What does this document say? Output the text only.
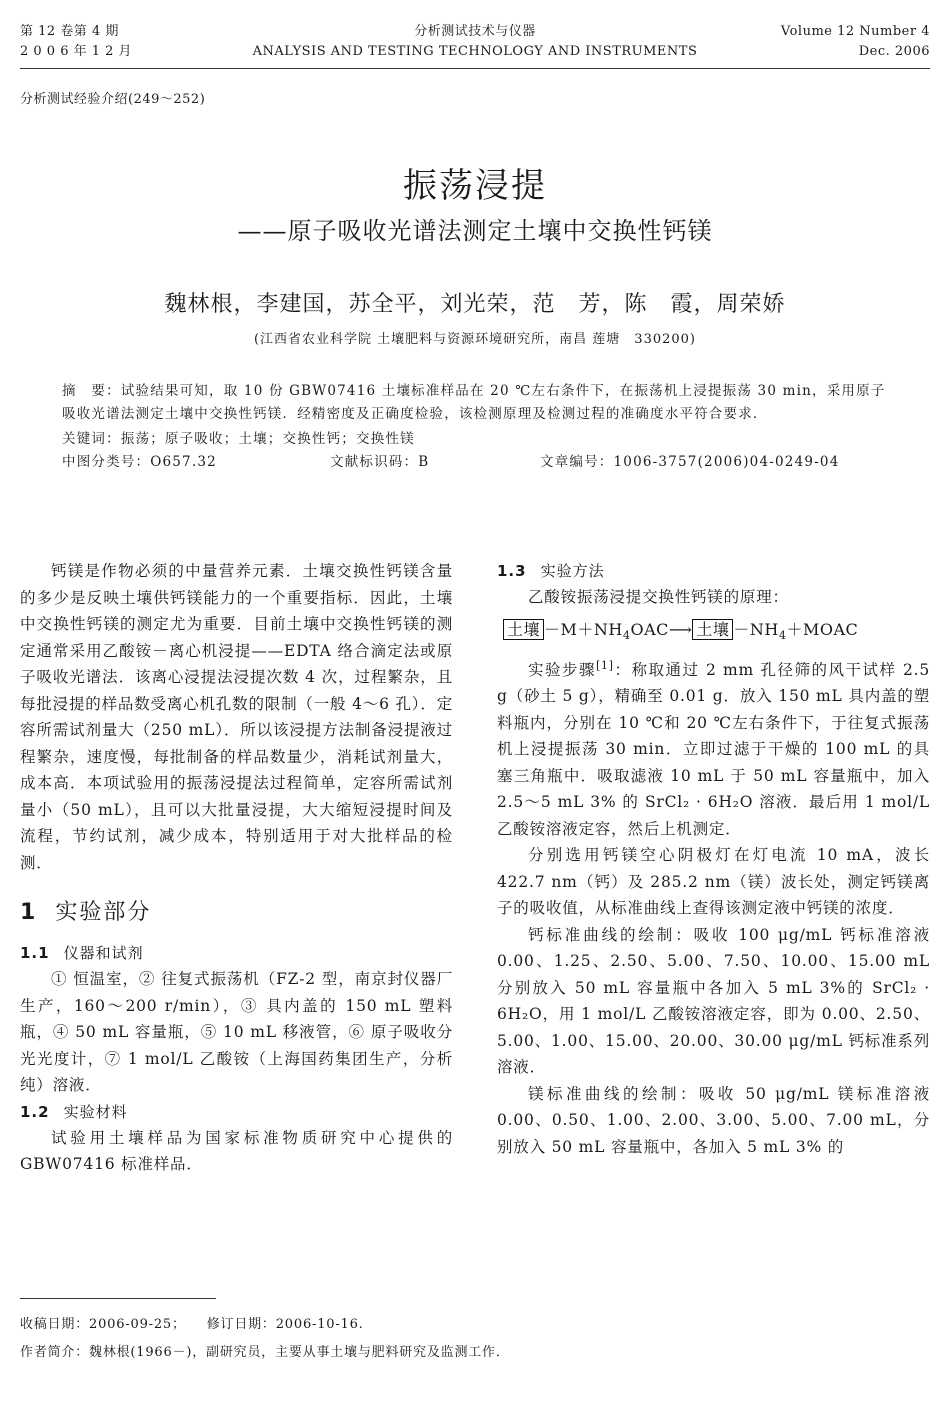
第 12 卷第 4 期
2 0 0 6 年 1 2 月
分析测试技术与仪器
ANALYSIS AND TESTING TECHNOLOGY AND INSTRUMENTS
Volume 12 Number 4
Dec. 2006
分析测试经验介绍(249～252)
振荡浸提
——原子吸收光谱法测定土壤中交换性钙镁
魏林根，李建国，苏全平，刘光荣，范　芳，陈　霞，周荣娇
(江西省农业科学院 土壤肥料与资源环境研究所，南昌 莲塘　330200)
摘　要：试验结果可知，取 10 份 GBW07416 土壤标准样品在 20 ℃左右条件下，在振荡机上浸提振荡 30 min，采用原子吸收光谱法测定土壤中交换性钙镁．经精密度及正确度检验，该检测原理及检测过程的准确度水平符合要求．
关键词：振荡；原子吸收；土壤；交换性钙；交换性镁
中图分类号：O657.32	文献标识码：B	文章编号：1006-3757(2006)04-0249-04

钙镁是作物必须的中量营养元素．土壤交换性钙镁含量的多少是反映土壤供钙镁能力的一个重要指标．因此，土壤中交换性钙镁的测定尤为重要．目前土壤中交换性钙镁的测定通常采用乙酸铵－离心机浸提——EDTA 络合滴定法或原子吸收光谱法．该离心浸提法浸提次数 4 次，过程繁杂，且每批浸提的样品数受离心机孔数的限制（一般 4～6 孔）．定容所需试剂量大（250 mL）．所以该浸提方法制备浸提液过程繁杂，速度慢，每批制备的样品数量少，消耗试剂量大，成本高．本项试验用的振荡浸提法过程简单，定容所需试剂量小（50 mL），且可以大批量浸提，大大缩短浸提时间及流程，节约试剂，减少成本，特别适用于对大批样品的检测．

1 实验部分
1.1 仪器和试剂

① 恒温室，② 往复式振荡机（FZ-2 型，南京封仪器厂生产，160～200 r/min），③ 具内盖的 150 mL 塑料瓶，④ 50 mL 容量瓶，⑤ 10 mL 移液管，⑥ 原子吸收分光光度计，⑦ 1 mol/L 乙酸铵（上海国药集团生产，分析纯）溶液．

1.2 实验材料

试验用土壤样品为国家标准物质研究中心提供的 GBW07416 标准样品．

1.3 实验方法

乙酸铵振荡浸提交换性钙镁的原理：

土壤 $-M+NH_4OAC⟶$ 土壤 $-NH_4+MOAC$

实验步骤[1]：称取通过 2 mm 孔径筛的风干试样 2.5 g（砂土 5 g），精确至 0.01 g．放入 150 mL 具内盖的塑料瓶内，分别在 10 ℃和 20 ℃左右条件下，于往复式振荡机上浸提振荡 30 min．立即过滤于干燥的 100 mL 的具塞三角瓶中．吸取滤液 10 mL 于 50 mL 容量瓶中，加入 2.5～5 mL 3% 的 SrCl₂ · 6H₂O 溶液．最后用 1 mol/L 乙酸铵溶液定容，然后上机测定．

分别选用钙镁空心阴极灯在灯电流 10 mA，波长 422.7 nm（钙）及 285.2 nm（镁）波长处，测定钙镁离子的吸收值，从标准曲线上查得该测定液中钙镁的浓度．

钙标准曲线的绘制：吸收 100 μg/mL 钙标准溶液 0.00、1.25、2.50、5.00、7.50、10.00、15.00 mL 分别放入 50 mL 容量瓶中各加入 5 mL 3%的 SrCl₂ · 6H₂O，用 1 mol/L 乙酸铵溶液定容，即为 0.00、2.50、5.00、1.00、15.00、20.00、30.00 μg/mL 钙标准系列溶液．

镁标准曲线的绘制：吸收 50 μg/mL 镁标准溶液 0.00、0.50、1.00、2.00、3.00、5.00、7.00 mL，分别放入 50 mL 容量瓶中，各加入 5 mL 3% 的

收稿日期：2006-09-25； 修订日期：2006-10-16.
作者简介：魏林根(1966－)，副研究员，主要从事土壤与肥料研究及监测工作．
